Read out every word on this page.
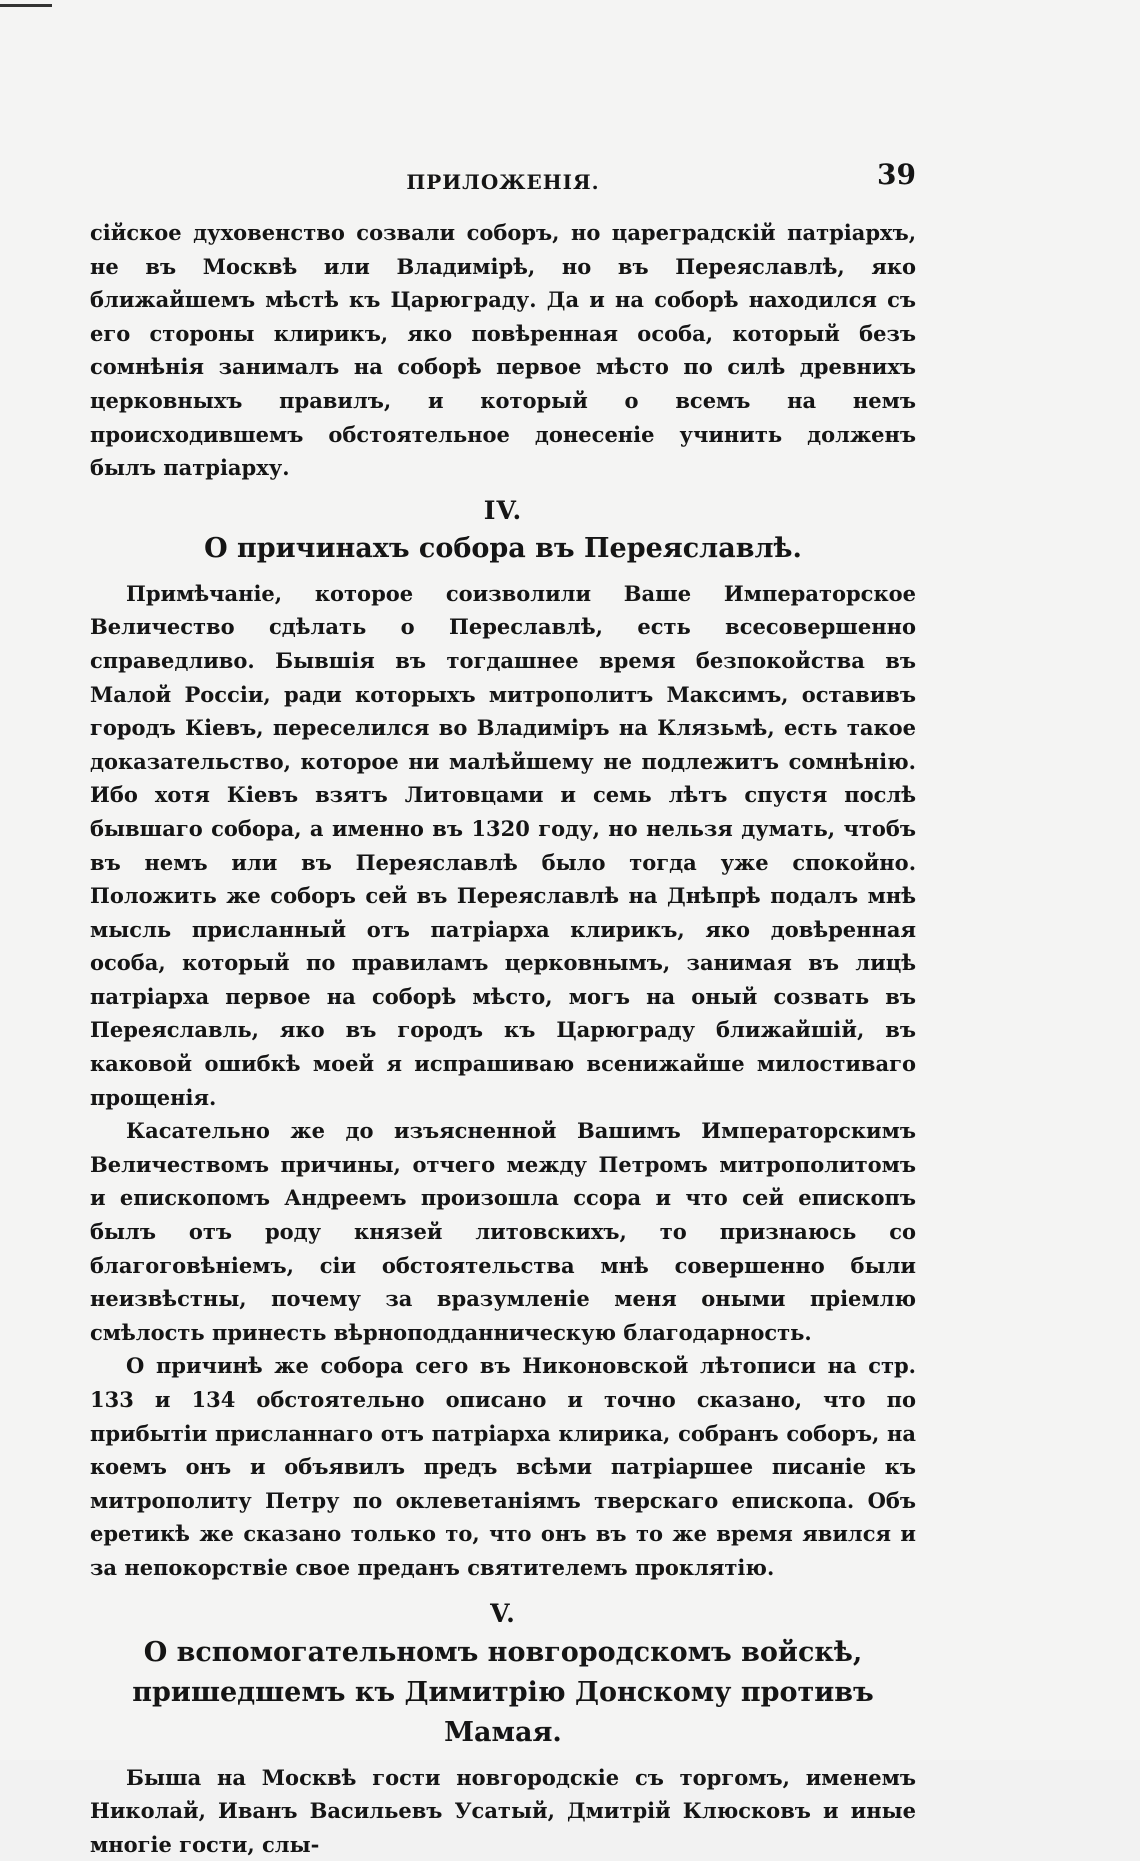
ПРИЛОЖЕНІЯ.	39

сійское духовенство созвали соборъ, но цареградскій патріархъ, не въ Москвѣ или Владимірѣ, но въ Переяславлѣ, яко ближайшемъ мѣстѣ къ Царюграду. Да и на соборѣ находился съ его стороны клирикъ, яко повѣренная особа, который безъ сомнѣнія занималъ на соборѣ первое мѣсто по силѣ древнихъ церковныхъ правилъ, и который о всемъ на немъ происходившемъ обстоятельное донесеніе учинить долженъ былъ патріарху.

IV.
О причинахъ собора въ Переяславлѣ.

Примѣчаніе, которое соизволили Ваше Императорское Величество сдѣлать о Переславлѣ, есть всесовершенно справедливо. Бывшія въ тогдашнее время безпокойства въ Малой Россіи, ради которыхъ митрополитъ Максимъ, оставивъ городъ Кіевъ, переселился во Владиміръ на Клязьмѣ, есть такое доказательство, которое ни малѣйшему не подлежитъ сомнѣнію. Ибо хотя Кіевъ взятъ Литовцами и семь лѣтъ спустя послѣ бывшаго собора, а именно въ 1320 году, но нельзя думать, чтобъ въ немъ или въ Переяславлѣ было тогда уже спокойно. Положить же соборъ сей въ Переяславлѣ на Днѣпрѣ подалъ мнѣ мысль присланный отъ патріарха клирикъ, яко довѣренная особа, который по правиламъ церковнымъ, занимая въ лицѣ патріарха первое на соборѣ мѣсто, могъ на оный созвать въ Переяславль, яко въ городъ къ Царюграду ближайшій, въ каковой ошибкѣ моей я испрашиваю всенижайше милостиваго прощенія.

Касательно же до изъясненной Вашимъ Императорскимъ Величествомъ причины, отчего между Петромъ митрополитомъ и епископомъ Андреемъ произошла ссора и что сей епископъ былъ отъ роду князей литовскихъ, то признаюсь со благоговѣніемъ, сіи обстоятельства мнѣ совершенно были неизвѣстны, почему за вразумленіе меня оными пріемлю смѣлость принесть вѣрноподданническую благодарность.

О причинѣ же собора сего въ Никоновской лѣтописи на стр. 133 и 134 обстоятельно описано и точно сказано, что по прибытіи присланнаго отъ патріарха клирика, собранъ соборъ, на коемъ онъ и объявилъ предъ всѣми патріаршее писаніе къ митрополиту Петру по оклеветаніямъ тверскаго епископа. Объ еретикѣ же сказано только то, что онъ въ то же время явился и за непокорствіе свое преданъ святителемъ проклятію.

V.
О вспомогательномъ новгородскомъ войскѣ, пришедшемъ къ Димитрію Донскому противъ Мамая.

Быша на Москвѣ гости новгородскіе съ торгомъ, именемъ Николай, Иванъ Васильевъ Усатый, Дмитрій Клюсковъ и иные многіе гости, слы-
